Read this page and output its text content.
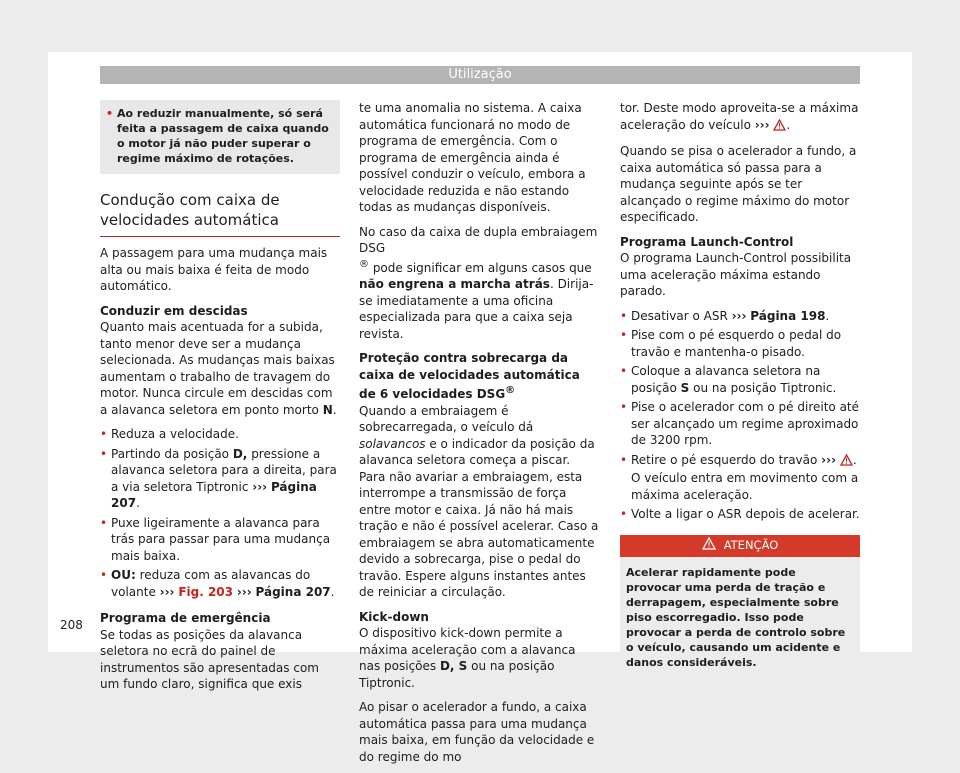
Utilização
• Ao reduzir manualmente, só será feita a passagem de caixa quando o motor já não puder superar o regime máximo de rotações.
Condução com caixa de velocidades automática

A passagem para uma mudança mais alta ou mais baixa é feita de modo automático.

Conduzir em descidas

Quanto mais acentuada for a subida, tanto menor deve ser a mudança selecionada. As mudanças mais baixas aumentam o trabalho de travagem do motor. Nunca circule em descidas com a alavanca seletora em ponto morto N.

• Reduza a velocidade.
• Partindo da posição D, pressione a alavanca seletora para a direita, para a via seletora Tiptronic ››› Página 207.
• Puxe ligeiramente a alavanca para trás para passar para uma mudança mais baixa.
• OU: reduza com as alavancas do volante ››› Fig. 203 ››› Página 207.

Programa de emergência

Se todas as posições da alavanca seletora no ecrã do painel de instrumentos são apresentadas com um fundo claro, significa que exis

te uma anomalia no sistema. A caixa automática funcionará no modo de programa de emergência. Com o programa de emergência ainda é possível conduzir o veículo, embora a velocidade reduzida e não estando todas as mudanças disponíveis.

No caso da caixa de dupla embraiagem DSG
® pode significar em alguns casos que não engrena a marcha atrás. Dirija-se imediatamente a uma oficina especializada para que a caixa seja revista.

Proteção contra sobrecarga da caixa de velocidades automática de 6 velocidades DSG®

Quando a embraiagem é sobrecarregada, o veículo dá solavancos e o indicador da posição da alavanca seletora começa a piscar. Para não avariar a embraiagem, esta interrompe a transmissão de força entre motor e caixa. Já não há mais tração e não é possível acelerar. Caso a embraiagem se abra automaticamente devido a sobrecarga, pise o pedal do travão. Espere alguns instantes antes de reiniciar a circulação.

Kick-down

O dispositivo kick-down permite a máxima aceleração com a alavanca nas posições D, S ou na posição Tiptronic.

Ao pisar o acelerador a fundo, a caixa automática passa para uma mudança mais baixa, em função da velocidade e do regime do mo

tor. Deste modo aproveita-se a máxima aceleração do veículo ››› .

Quando se pisa o acelerador a fundo, a caixa automática só passa para a mudança seguinte após se ter alcançado o regime máximo do motor especificado.

Programa Launch-Control

O programa Launch-Control possibilita uma aceleração máxima estando parado.

• Desativar o ASR ››› Página 198.
• Pise com o pé esquerdo o pedal do travão e mantenha-o pisado.
• Coloque a alavanca seletora na posição S ou na posição Tiptronic.
• Pise o acelerador com o pé direito até ser alcançado um regime aproximado de 3200 rpm.
• Retire o pé esquerdo do travão ››› . O veículo entra em movimento com a máxima aceleração.
• Volte a ligar o ASR depois de acelerar.
ATENÇÃO
Acelerar rapidamente pode provocar uma perda de tração e derrapagem, especialmente sobre piso escorregadio. Isso pode provocar a perda de controlo sobre o veículo, causando um acidente e danos consideráveis.
208
